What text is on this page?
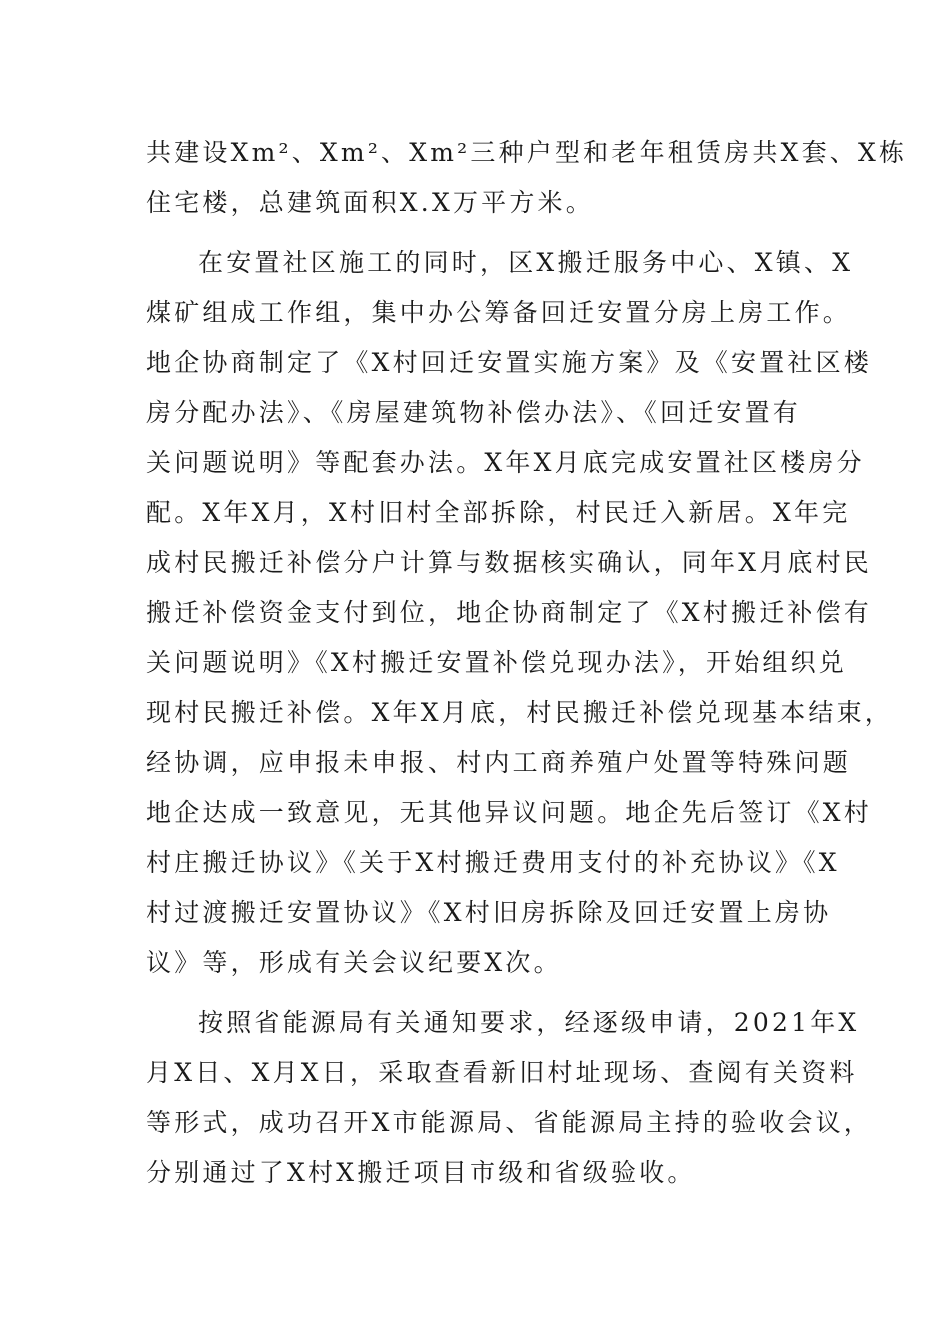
共建设Xm²、Xm²、Xm²三种户型和老年租赁房共X套、X栋
住宅楼，总建筑面积X.X万平方米。
在安置社区施工的同时，区X搬迁服务中心、X镇、X
煤矿组成工作组，集中办公筹备回迁安置分房上房工作。
地企协商制定了《X村回迁安置实施方案》及《安置社区楼
房分配办法》、《房屋建筑物补偿办法》、《回迁安置有
关问题说明》等配套办法。X年X月底完成安置社区楼房分
配。X年X月，X村旧村全部拆除，村民迁入新居。X年完
成村民搬迁补偿分户计算与数据核实确认，同年X月底村民
搬迁补偿资金支付到位，地企协商制定了《X村搬迁补偿有
关问题说明》《X村搬迁安置补偿兑现办法》，开始组织兑
现村民搬迁补偿。X年X月底，村民搬迁补偿兑现基本结束，
经协调，应申报未申报、村内工商养殖户处置等特殊问题
地企达成一致意见，无其他异议问题。地企先后签订《X村
村庄搬迁协议》《关于X村搬迁费用支付的补充协议》《X
村过渡搬迁安置协议》《X村旧房拆除及回迁安置上房协
议》等，形成有关会议纪要X次。
按照省能源局有关通知要求，经逐级申请，2021年X
月X日、X月X日，采取查看新旧村址现场、查阅有关资料
等形式，成功召开X市能源局、省能源局主持的验收会议，
分别通过了X村X搬迁项目市级和省级验收。
